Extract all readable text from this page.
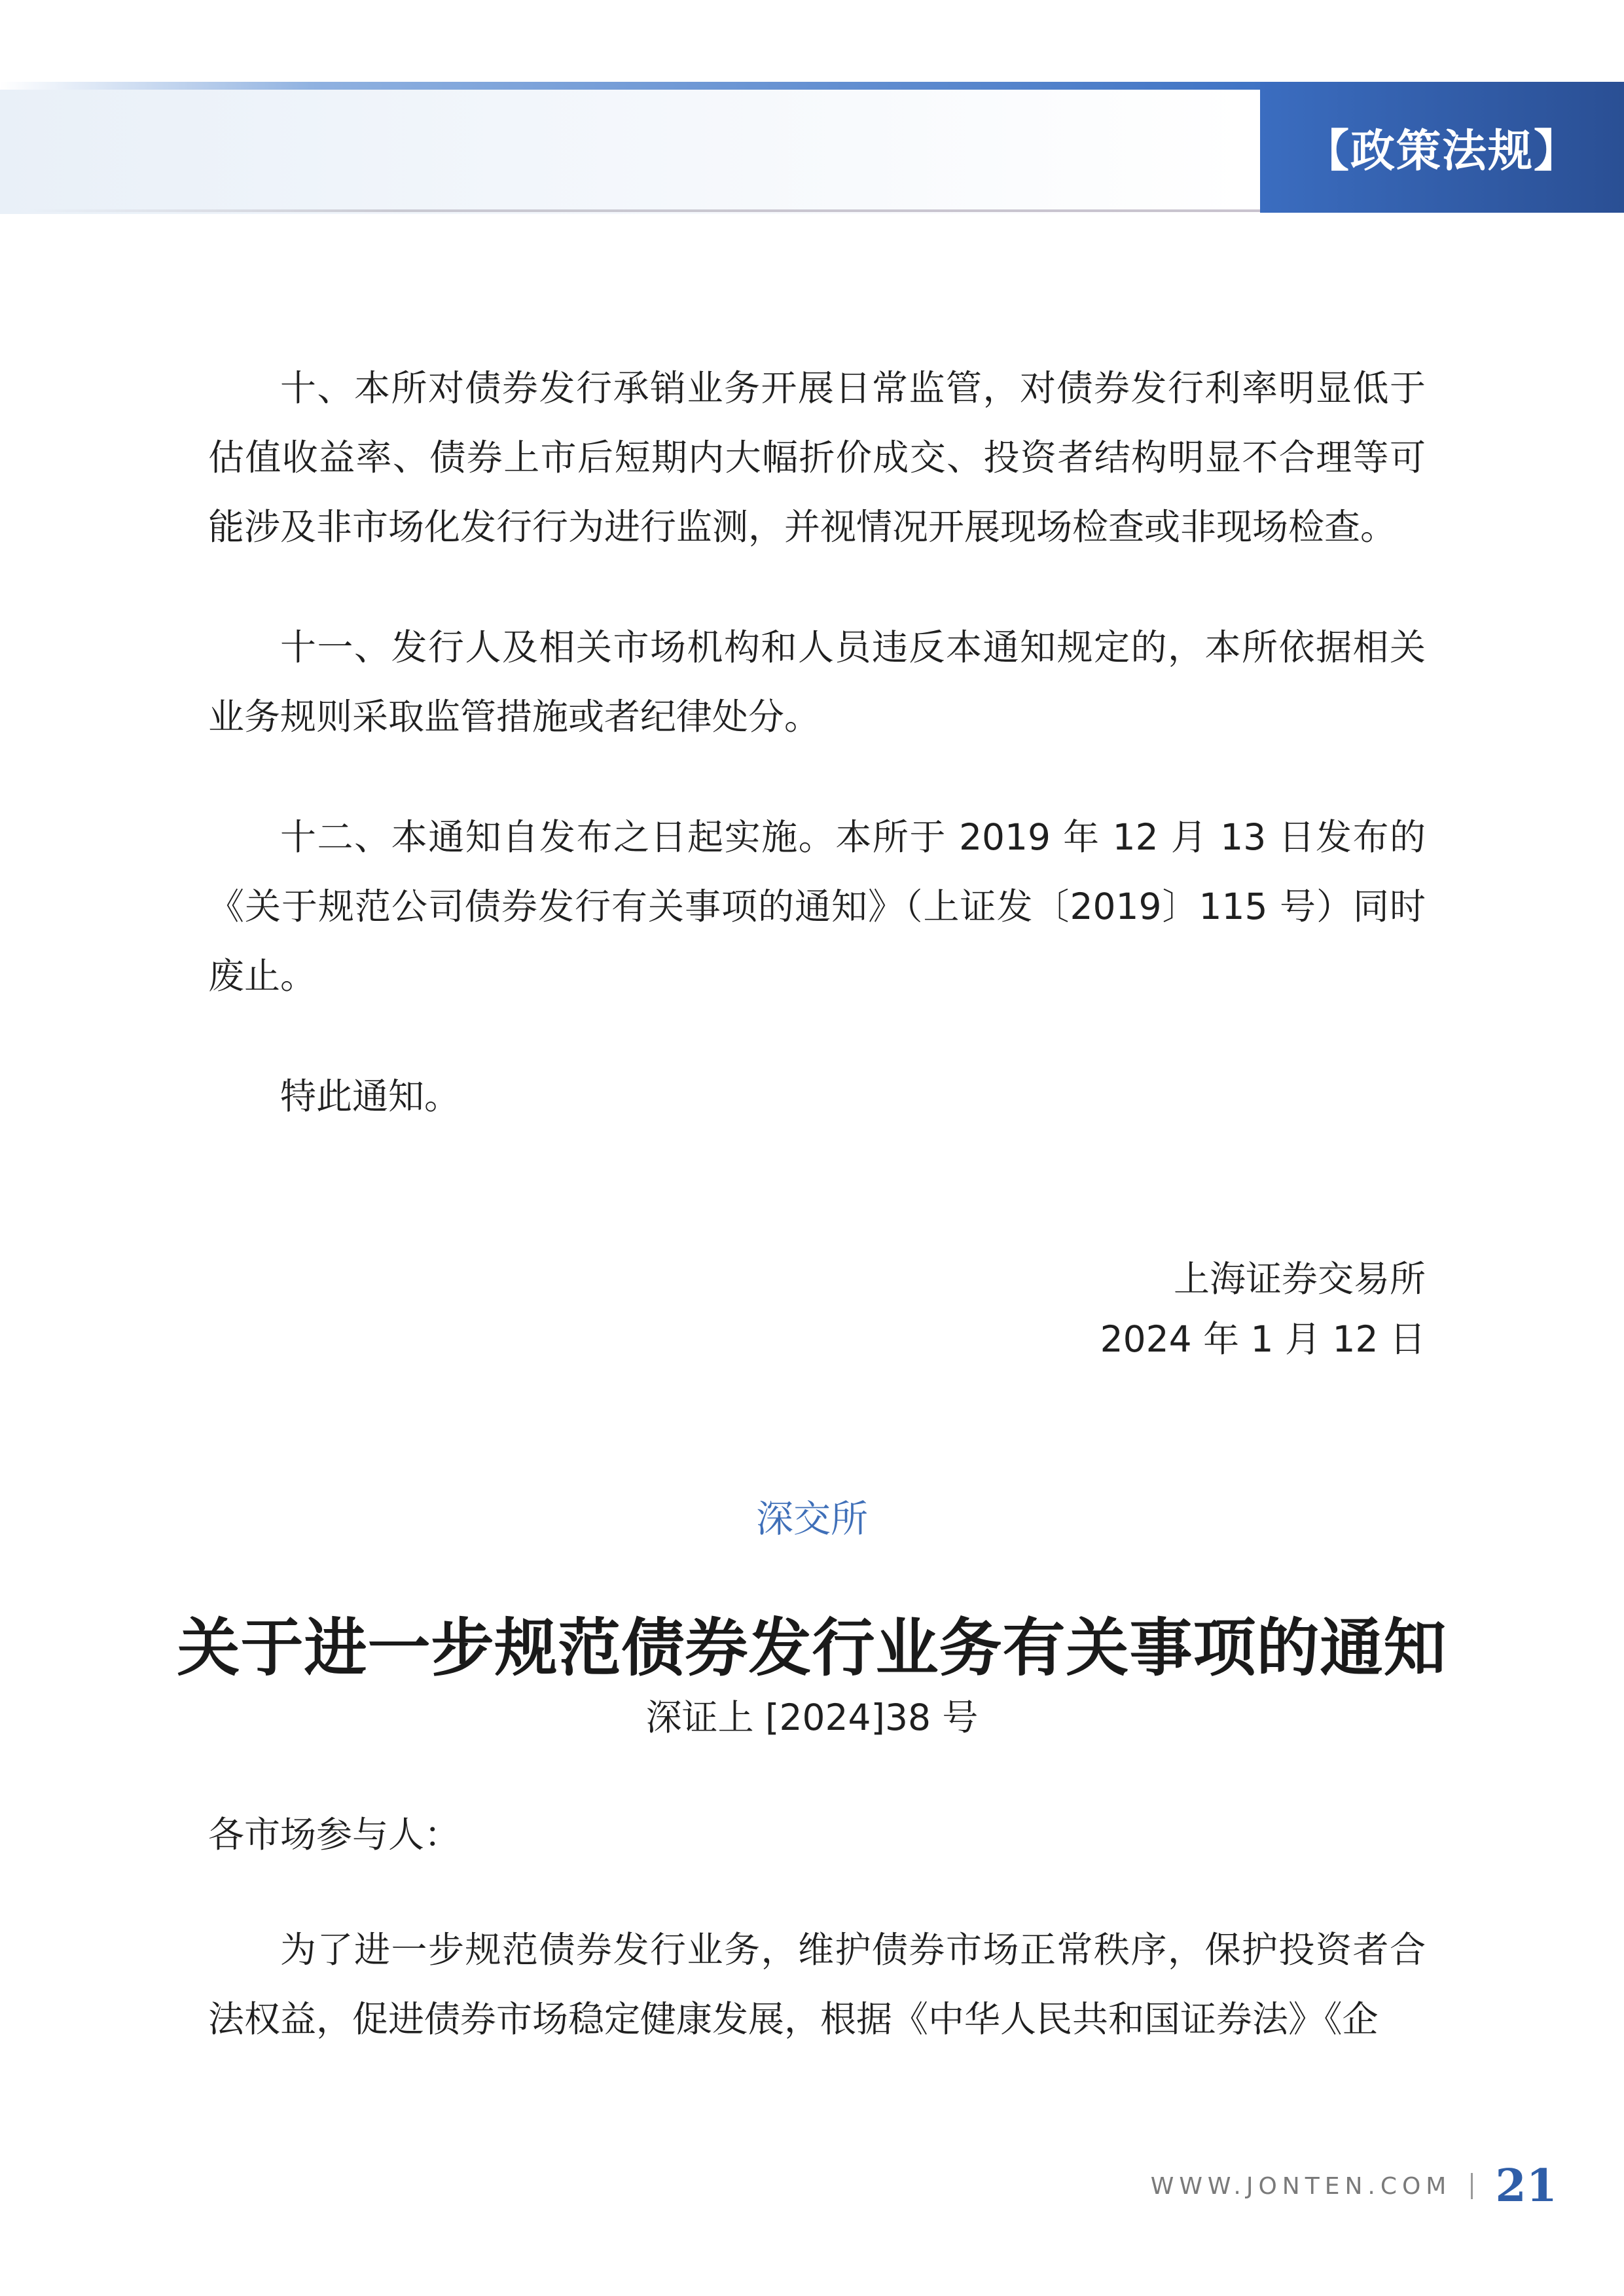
【政策法规】

十、本所对债券发行承销业务开展日常监管，对债券发行利率明显低于估值收益率、债券上市后短期内大幅折价成交、投资者结构明显不合理等可能涉及非市场化发行行为进行监测，并视情况开展现场检查或非现场检查。

十一、发行人及相关市场机构和人员违反本通知规定的，本所依据相关业务规则采取监管措施或者纪律处分。

十二、本通知自发布之日起实施。本所于 2019 年 12 月 13 日发布的《关于规范公司债券发行有关事项的通知》（上证发〔2019〕115 号）同时废止。

特此通知。

上海证券交易所

2024 年 1 月 12 日

深交所
关于进一步规范债券发行业务有关事项的通知
深证上 [2024]38 号

各市场参与人：

为了进一步规范债券发行业务，维护债券市场正常秩序，保护投资者合法权益，促进债券市场稳定健康发展，根据《中华人民共和国证券法》《企

WWW.JONTEN.COM 21
